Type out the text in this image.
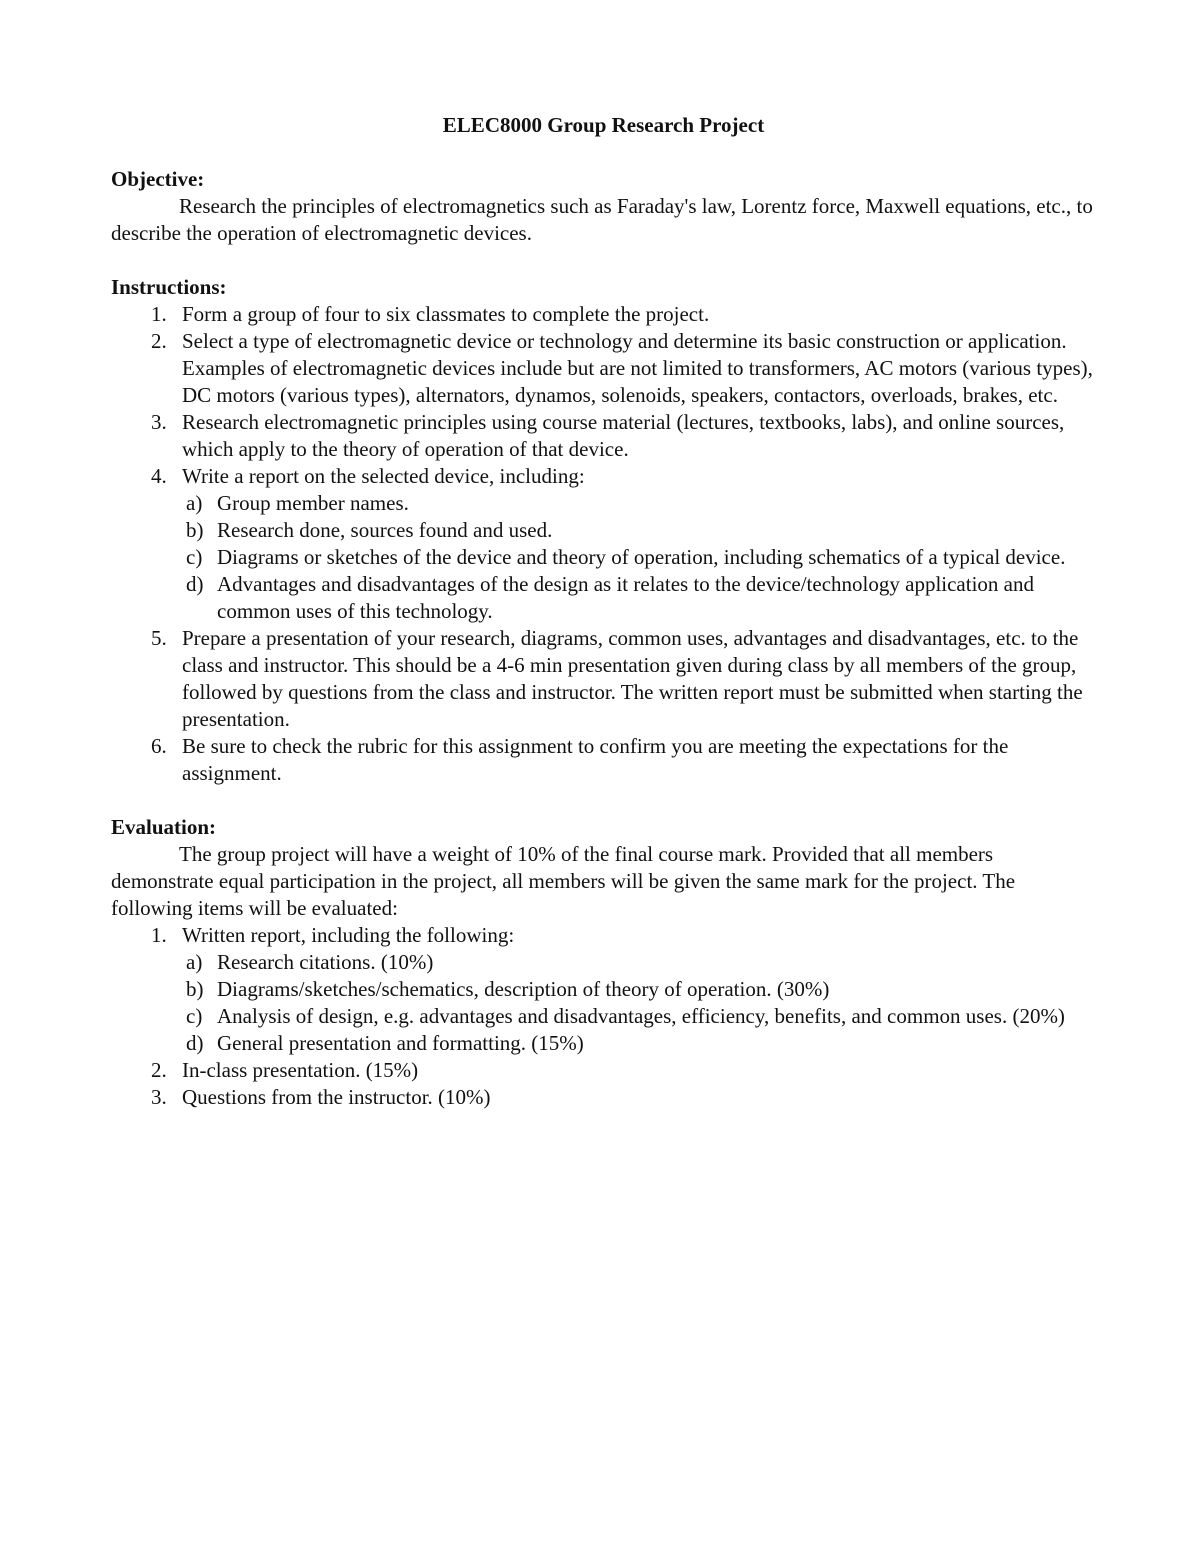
ELEC8000 Group Research Project
Objective:

Research the principles of electromagnetics such as Faraday's law, Lorentz force, Maxwell equations, etc., to describe the operation of electromagnetic devices.

Instructions:
1. Form a group of four to six classmates to complete the project.
2. Select a type of electromagnetic device or technology and determine its basic construction or application. Examples of electromagnetic devices include but are not limited to transformers, AC motors (various types), DC motors (various types), alternators, dynamos, solenoids, speakers, contactors, overloads, brakes, etc.
3. Research electromagnetic principles using course material (lectures, textbooks, labs), and online sources, which apply to the theory of operation of that device.
4. Write a report on the selected device, including:
a) Group member names.
b) Research done, sources found and used.
c) Diagrams or sketches of the device and theory of operation, including schematics of a typical device.
d) Advantages and disadvantages of the design as it relates to the device/technology application and common uses of this technology.
5. Prepare a presentation of your research, diagrams, common uses, advantages and disadvantages, etc. to the class and instructor. This should be a 4-6 min presentation given during class by all members of the group, followed by questions from the class and instructor. The written report must be submitted when starting the presentation.
6. Be sure to check the rubric for this assignment to confirm you are meeting the expectations for the assignment.
Evaluation:

The group project will have a weight of 10% of the final course mark. Provided that all members demonstrate equal participation in the project, all members will be given the same mark for the project. The following items will be evaluated:

1. Written report, including the following:
a) Research citations. (10%)
b) Diagrams/sketches/schematics, description of theory of operation. (30%)
c) Analysis of design, e.g. advantages and disadvantages, efficiency, benefits, and common uses. (20%)
d) General presentation and formatting. (15%)
2. In-class presentation. (15%)
3. Questions from the instructor. (10%)
